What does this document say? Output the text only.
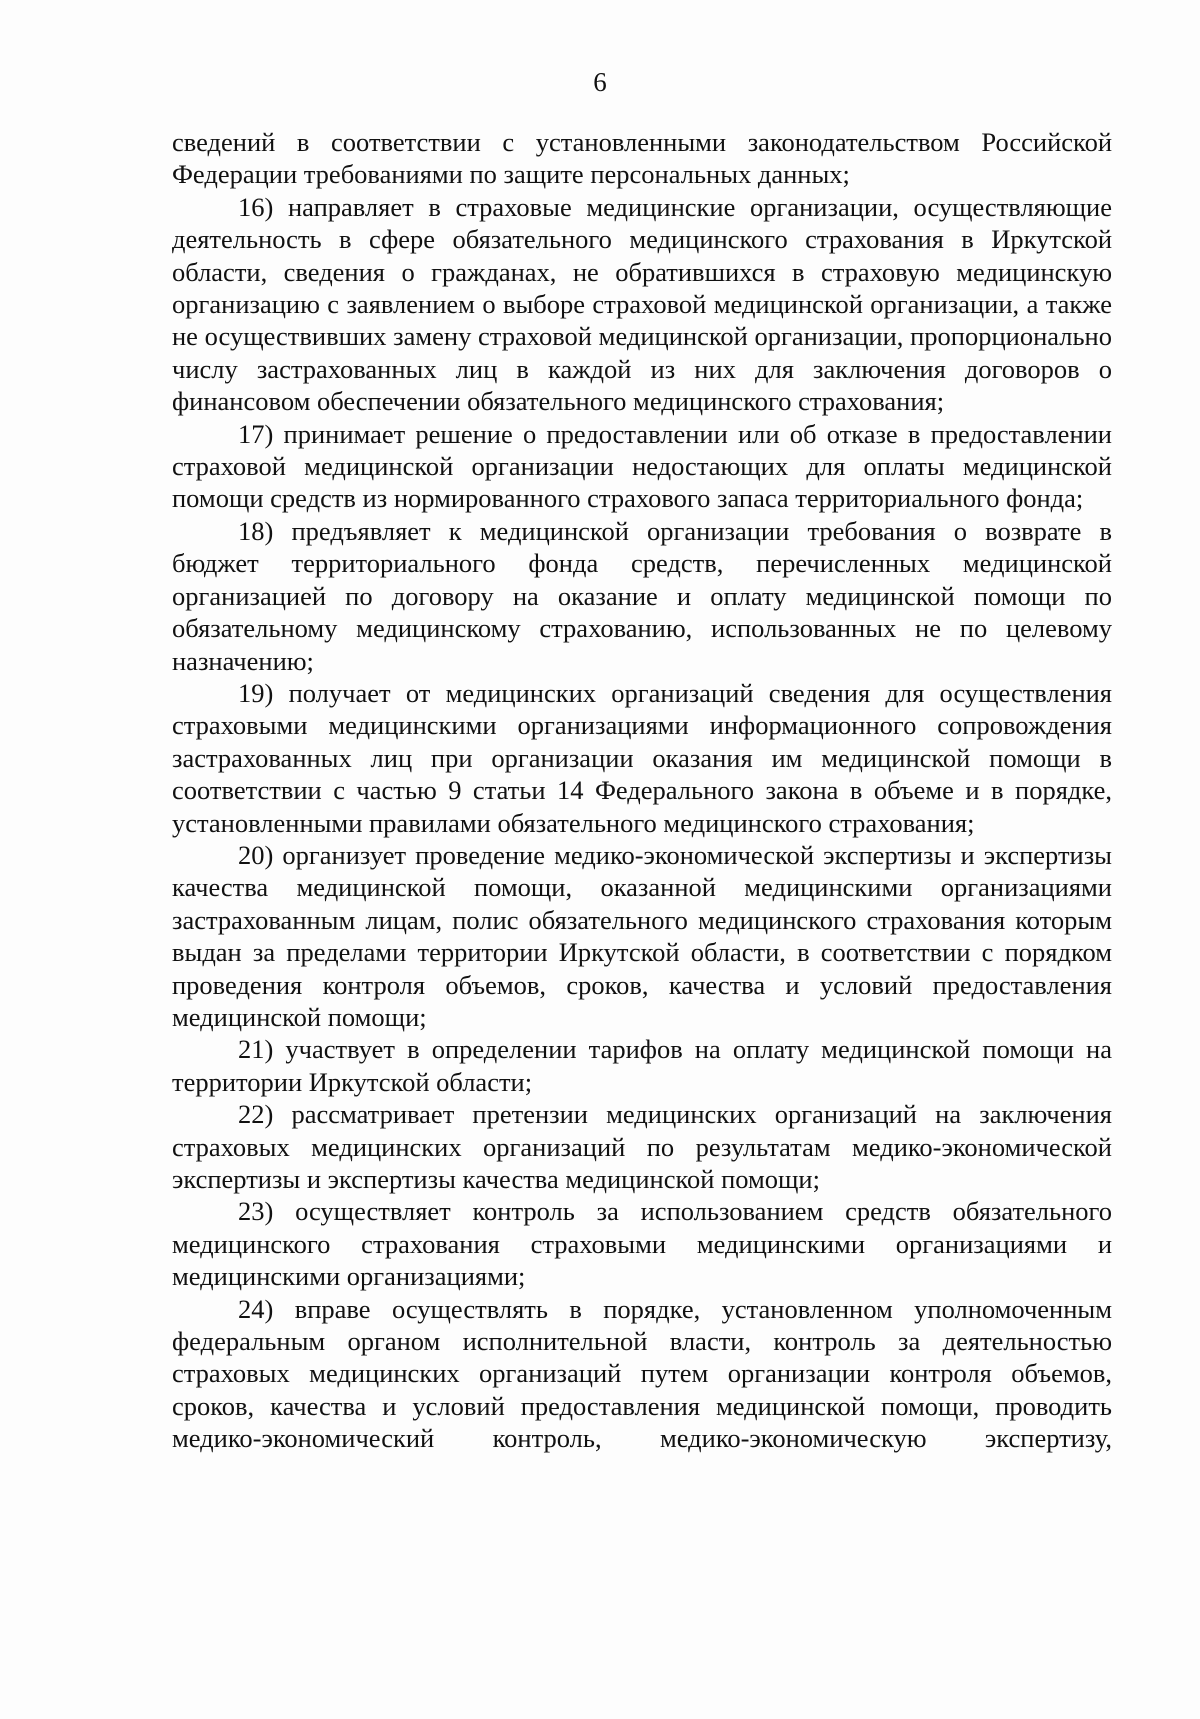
6

сведений в соответствии с установленными законодательством Российской Федерации требованиями по защите персональных данных;

16) направляет в страховые медицинские организации, осуществляющие деятельность в сфере обязательного медицинского страхования в Иркутской области, сведения о гражданах, не обратившихся в страховую медицинскую организацию с заявлением о выборе страховой медицинской организации, а также не осуществивших замену страховой медицинской организации, пропорционально числу застрахованных лиц в каждой из них для заключения договоров о финансовом обеспечении обязательного медицинского страхования;

17) принимает решение о предоставлении или об отказе в предоставлении страховой медицинской организации недостающих для оплаты медицинской помощи средств из нормированного страхового запаса территориального фонда;

18) предъявляет к медицинской организации требования о возврате в бюджет территориального фонда средств, перечисленных медицинской организацией по договору на оказание и оплату медицинской помощи по обязательному медицинскому страхованию, использованных не по целевому назначению;

19) получает от медицинских организаций сведения для осуществления страховыми медицинскими организациями информационного сопровождения застрахованных лиц при организации оказания им медицинской помощи в соответствии с частью 9 статьи 14 Федерального закона в объеме и в порядке, установленными правилами обязательного медицинского страхования;

20) организует проведение медико-экономической экспертизы и экспертизы качества медицинской помощи, оказанной медицинскими организациями застрахованным лицам, полис обязательного медицинского страхования которым выдан за пределами территории Иркутской области, в соответствии с порядком проведения контроля объемов, сроков, качества и условий предоставления медицинской помощи;

21) участвует в определении тарифов на оплату медицинской помощи на территории Иркутской области;

22) рассматривает претензии медицинских организаций на заключения страховых медицинских организаций по результатам медико-экономической экспертизы и экспертизы качества медицинской помощи;

23) осуществляет контроль за использованием средств обязательного медицинского страхования страховыми медицинскими организациями и медицинскими организациями;

24) вправе осуществлять в порядке, установленном уполномоченным федеральным органом исполнительной власти, контроль за деятельностью страховых медицинских организаций путем организации контроля объемов, сроков, качества и условий предоставления медицинской помощи, проводить медико-экономический контроль, медико-экономическую экспертизу,
